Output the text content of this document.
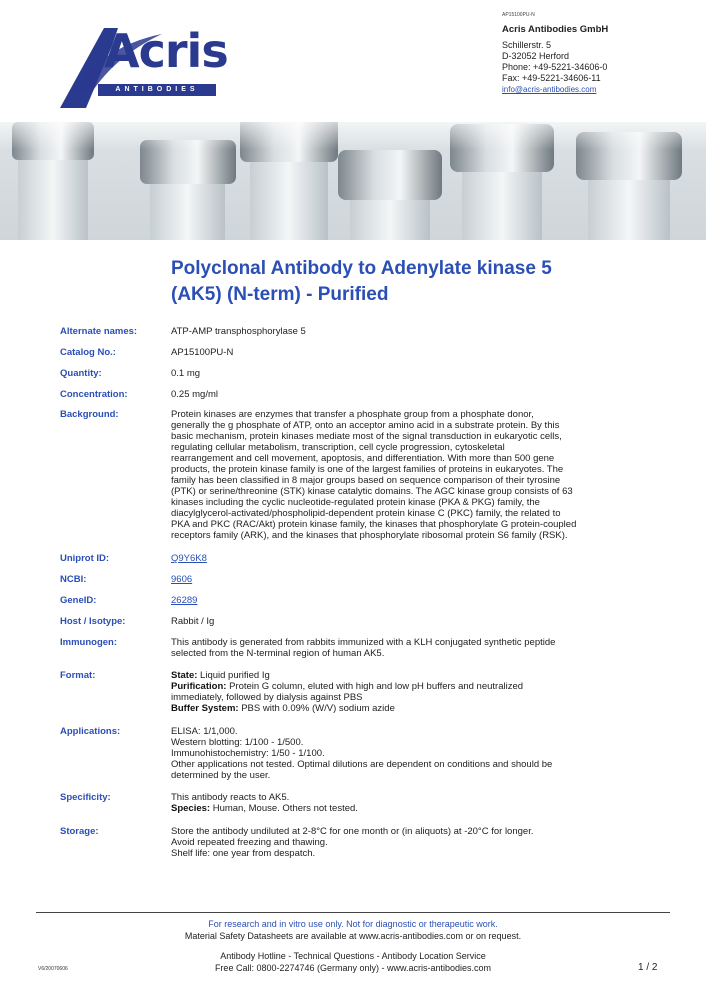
Acris
ANTIBODIES
AP15100PU-N
Acris Antibodies GmbH
Schillerstr. 5
D-32052 Herford
Phone: +49-5221-34606-0
Fax: +49-5221-34606-11
info@acris-antibodies.com
Polyclonal Antibody to Adenylate kinase 5
(AK5) (N-term) - Purified
Alternate names:	ATP-AMP transphosphorylase 5
Catalog No.:	AP15100PU-N
Quantity:	0.1 mg
Concentration:	0.25 mg/ml
Background:	Protein kinases are enzymes that transfer a phosphate group from a phosphate donor,
generally the g phosphate of ATP, onto an acceptor amino acid in a substrate protein. By this
basic mechanism, protein kinases mediate most of the signal transduction in eukaryotic cells,
regulating cellular metabolism, transcription, cell cycle progression, cytoskeletal
rearrangement and cell movement, apoptosis, and differentiation. With more than 500 gene
products, the protein kinase family is one of the largest families of proteins in eukaryotes. The
family has been classified in 8 major groups based on sequence comparison of their tyrosine
(PTK) or serine/threonine (STK) kinase catalytic domains. The AGC kinase group consists of 63
kinases including the cyclic nucleotide-regulated protein kinase (PKA & PKG) family, the
diacylglycerol-activated/phospholipid-dependent protein kinase C (PKC) family, the related to
PKA and PKC (RAC/Akt) protein kinase family, the kinases that phosphorylate G protein-coupled
receptors family (ARK), and the kinases that phosphorylate ribosomal protein S6 family (RSK).
Uniprot ID:	Q9Y6K8
NCBI:	9606
GeneID:	26289
Host / Isotype:	Rabbit / Ig
Immunogen:	This antibody is generated from rabbits immunized with a KLH conjugated synthetic peptide
selected from the N-terminal region of human AK5.
Format:	State: Liquid purified Ig
Purification: Protein G column, eluted with high and low pH buffers and neutralized
immediately, followed by dialysis against PBS
Buffer System: PBS with 0.09% (W/V) sodium azide
Applications:	ELISA: 1/1,000.
Western blotting: 1/100 - 1/500.
Immunohistochemistry: 1/50 - 1/100.
Other applications not tested. Optimal dilutions are dependent on conditions and should be
determined by the user.
Specificity:	This antibody reacts to AK5.
Species: Human, Mouse. Others not tested.
Storage:	Store the antibody undiluted at 2-8°C for one month or (in aliquots) at -20°C for longer.
Avoid repeated freezing and thawing.
Shelf life: one year from despatch.
For research and in vitro use only. Not for diagnostic or therapeutic work.
Material Safety Datasheets are available at www.acris-antibodies.com or on request.
Antibody Hotline - Technical Questions - Antibody Location Service
Free Call: 0800-2274746 (Germany only) - www.acris-antibodies.com
V6/20070606	1 / 2
